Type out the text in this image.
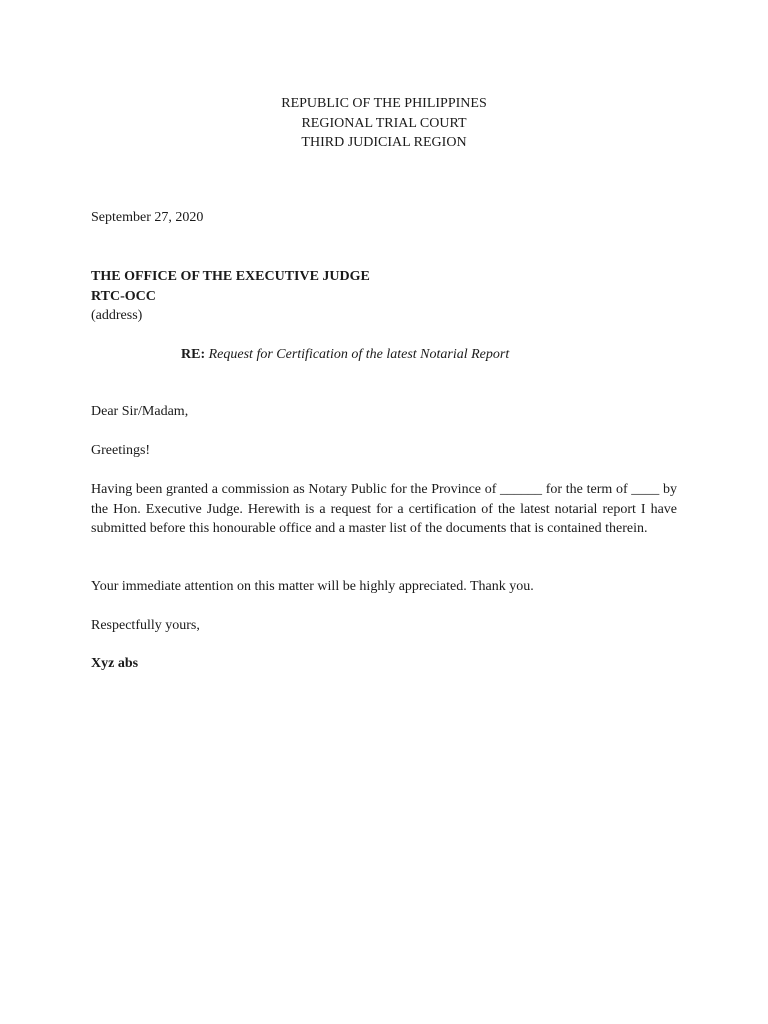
REPUBLIC OF THE PHILIPPINES
REGIONAL TRIAL COURT
THIRD JUDICIAL REGION
September 27, 2020
THE OFFICE OF THE EXECUTIVE JUDGE
RTC-OCC
(address)
RE: Request for Certification of the latest Notarial Report
Dear Sir/Madam,
Greetings!
Having been granted a commission as Notary Public for the Province of ______ for the term of ____ by the Hon. Executive Judge. Herewith is a request for a certification of the latest notarial report I have submitted before this honourable office and a master list of the documents that is contained therein.
Your immediate attention on this matter will be highly appreciated. Thank you.
Respectfully yours,
Xyz abs
